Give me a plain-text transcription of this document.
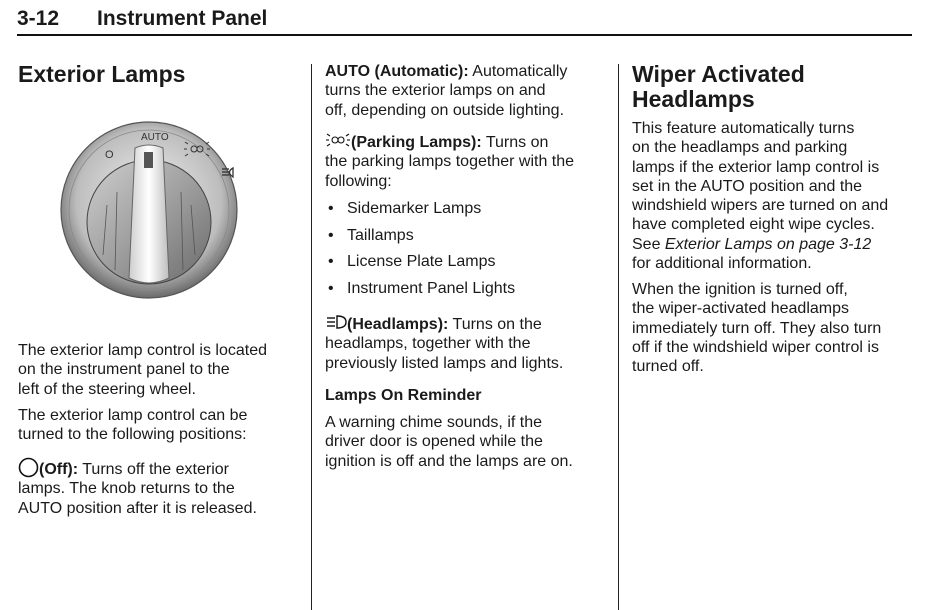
3-12 Instrument Panel
Exterior Lamps
AUTO
O

The exterior lamp control is located
on the instrument panel to the
left of the steering wheel.

The exterior lamp control can be
turned to the following positions:

(Off): Turns off the exterior
lamps. The knob returns to the
AUTO position after it is released.

AUTO (Automatic): Automatically
turns the exterior lamps on and
off, depending on outside lighting.

(Parking Lamps): Turns on
the parking lamps together with the
following:

• Sidemarker Lamps
• Taillamps
• License Plate Lamps
• Instrument Panel Lights

(Headlamps): Turns on the
headlamps, together with the
previously listed lamps and lights.

Lamps On Reminder

A warning chime sounds, if the
driver door is opened while the
ignition is off and the lamps are on.

Wiper Activated
Headlamps

This feature automatically turns
on the headlamps and parking
lamps if the exterior lamp control is
set in the AUTO position and the
windshield wipers are turned on and
have completed eight wipe cycles.
See Exterior Lamps on page 3-12
for additional information.

When the ignition is turned off,
the wiper-activated headlamps
immediately turn off. They also turn
off if the windshield wiper control is
turned off.
